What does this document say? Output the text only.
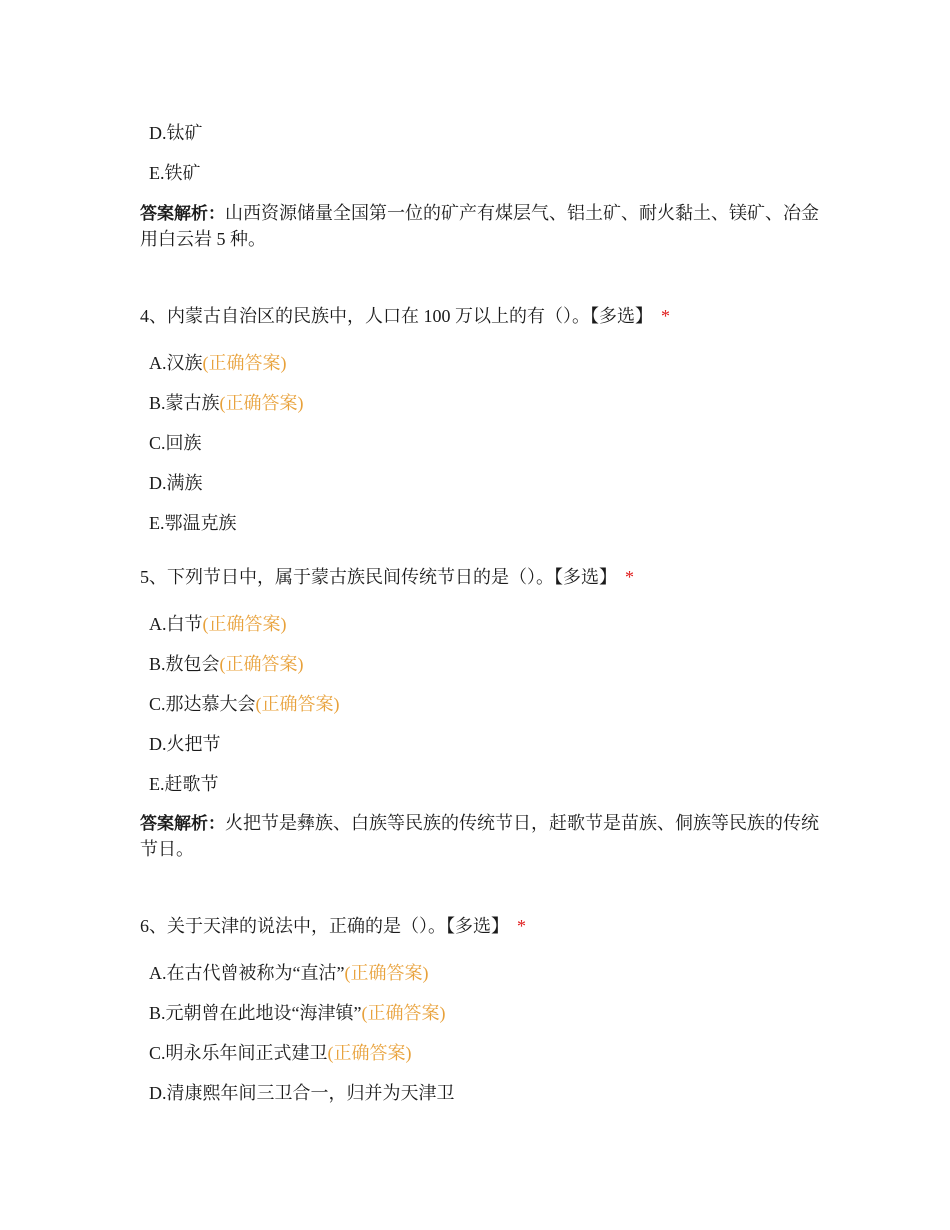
D.钛矿
E.铁矿
答案解析：山西资源储量全国第一位的矿产有煤层气、铝土矿、耐火黏土、镁矿、冶金用白云岩 5 种。
4、内蒙古自治区的民族中，人口在 100 万以上的有（）。【多选】 *
A.汉族(正确答案)
B.蒙古族(正确答案)
C.回族
D.满族
E.鄂温克族
5、下列节日中，属于蒙古族民间传统节日的是（）。【多选】 *
A.白节(正确答案)
B.敖包会(正确答案)
C.那达慕大会(正确答案)
D.火把节
E.赶歌节
答案解析：火把节是彝族、白族等民族的传统节日，赶歌节是苗族、侗族等民族的传统节日。
6、关于天津的说法中，正确的是（）。【多选】 *
A.在古代曾被称为“直沽”(正确答案)
B.元朝曾在此地设“海津镇”(正确答案)
C.明永乐年间正式建卫(正确答案)
D.清康熙年间三卫合一，归并为天津卫
